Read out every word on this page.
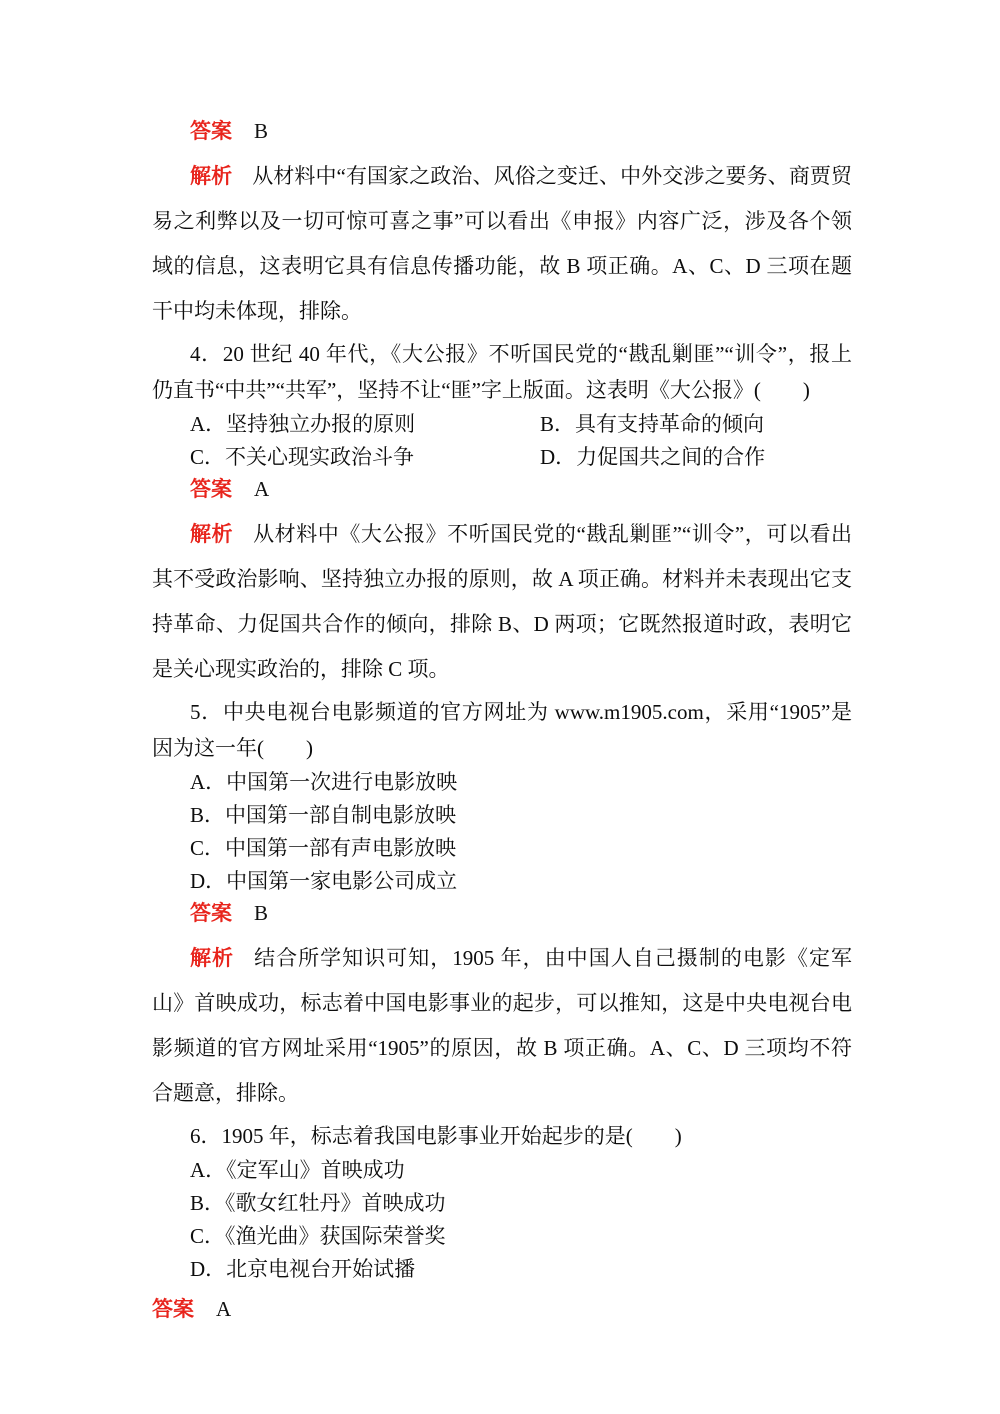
答案 B

解析 从材料中“有国家之政治、风俗之变迁、中外交涉之要务、商贾贸易之利弊以及一切可惊可喜之事”可以看出《申报》内容广泛，涉及各个领域的信息，这表明它具有信息传播功能，故 B 项正确。A、C、D 三项在题干中均未体现，排除。

4．20 世纪 40 年代，《大公报》不听国民党的“戡乱剿匪”“训令”，报上仍直书“中共”“共军”，坚持不让“匪”字上版面。这表明《大公报》(　　)

A．坚持独立办报的原则	B．具有支持革命的倾向
C．不关心现实政治斗争	D．力促国共之间的合作
答案 A

解析 从材料中《大公报》不听国民党的“戡乱剿匪”“训令”，可以看出其不受政治影响、坚持独立办报的原则，故 A 项正确。材料并未表现出它支持革命、力促国共合作的倾向，排除 B、D 两项；它既然报道时政，表明它是关心现实政治的，排除 C 项。

5．中央电视台电影频道的官方网址为 www.m1905.com，采用“1905”是因为这一年(　　)

A．中国第一次进行电影放映
B．中国第一部自制电影放映
C．中国第一部有声电影放映
D．中国第一家电影公司成立
答案 B

解析 结合所学知识可知，1905 年，由中国人自己摄制的电影《定军山》首映成功，标志着中国电影事业的起步，可以推知，这是中央电视台电影频道的官方网址采用“1905”的原因，故 B 项正确。A、C、D 三项均不符合题意，排除。

6．1905 年，标志着我国电影事业开始起步的是(　　)

A．《定军山》首映成功
B．《歌女红牡丹》首映成功
C．《渔光曲》获国际荣誉奖
D．北京电视台开始试播
答案 A
